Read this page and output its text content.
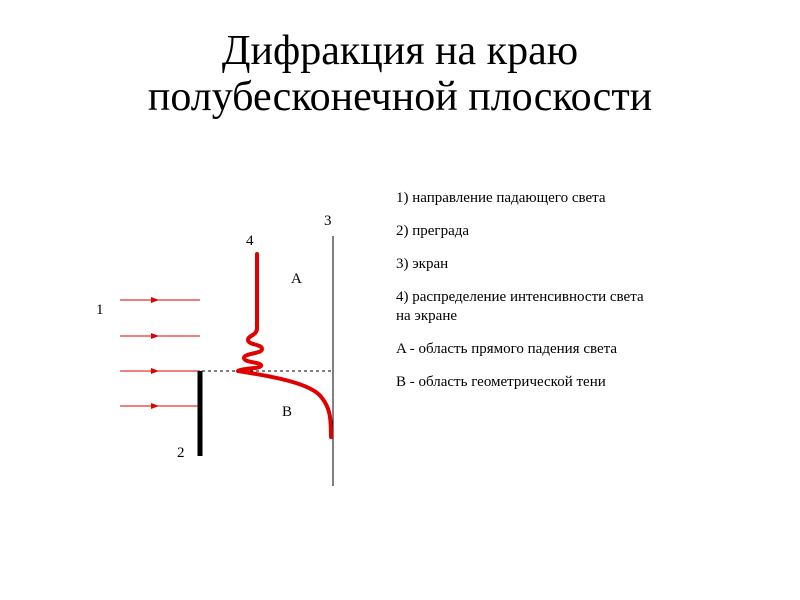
Дифракция на краю
полубесконечной плоскости
1
2
3
4
A
B
1) направление падающего света
2) преграда
3) экран
4) распределение интенсивности света на экране
A - область прямого падения света
B - область геометрической тени
